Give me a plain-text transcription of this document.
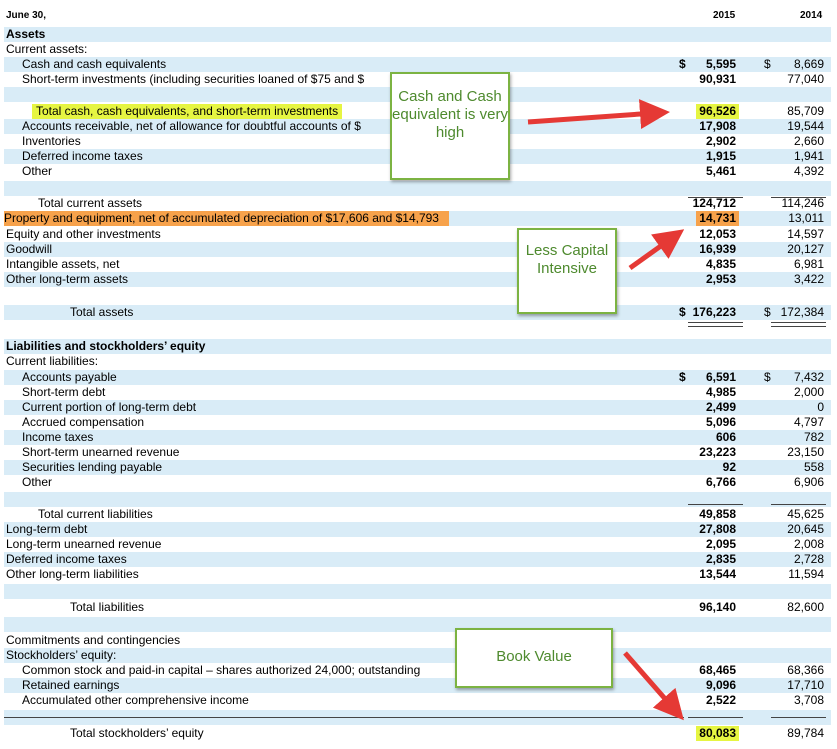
June 30,	2015	2014
Assets
Current assets:
Cash and cash equivalents	$ 5,595 $ 8,669
Short-term investments (including securities loaned of $75 and $	90,931	77,040
Total cash, cash equivalents, and short-term investments	96,526	85,709
Accounts receivable, net of allowance for doubtful accounts of $	17,908	19,544
Inventories	2,902	2,660
Deferred income taxes	1,915	1,941
Other	5,461	4,392
Total current assets	124,712	114,246
Property and equipment, net of accumulated depreciation of $17,606 and $14,793	14,731	13,011
Equity and other investments	12,053	14,597
Goodwill	16,939	20,127
Intangible assets, net	4,835	6,981
Other long-term assets	2,953	3,422
Total assets	$ 176,223 $ 172,384
Liabilities and stockholders’ equity
Current liabilities:
Accounts payable	$ 6,591 $ 7,432
Short-term debt	4,985	2,000
Current portion of long-term debt	2,499	0
Accrued compensation	5,096	4,797
Income taxes	606	782
Short-term unearned revenue	23,223	23,150
Securities lending payable	92	558
Other	6,766	6,906
Total current liabilities	49,858	45,625
Long-term debt	27,808	20,645
Long-term unearned revenue	2,095	2,008
Deferred income taxes	2,835	2,728
Other long-term liabilities	13,544	11,594
Total liabilities	96,140	82,600
Commitments and contingencies
Stockholders’ equity:
Common stock and paid-in capital – shares authorized 24,000; outstanding	68,465	68,366
Retained earnings	9,096	17,710
Accumulated other comprehensive income	2,522	3,708
Total stockholders’ equity	80,083	89,784
Cash and Cash equivalent is very high
Less Capital Intensive
Book Value
